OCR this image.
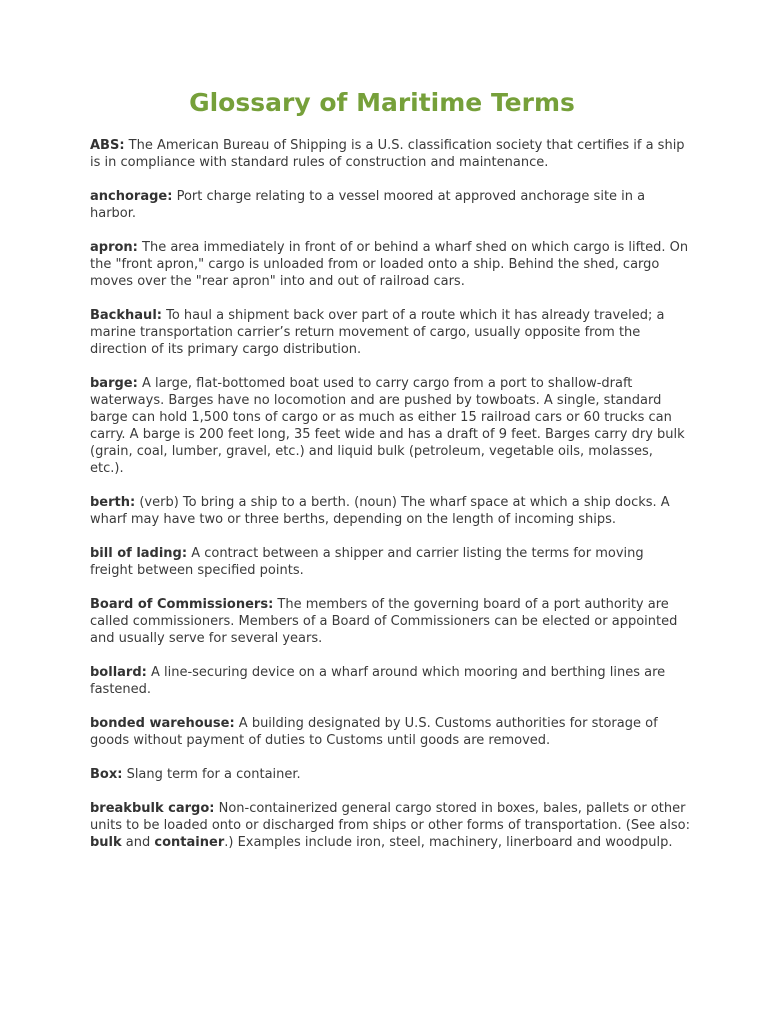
Glossary of Maritime Terms

ABS: The American Bureau of Shipping is a U.S. classification society that certifies if a ship is in compliance with standard rules of construction and maintenance.

anchorage: Port charge relating to a vessel moored at approved anchorage site in a harbor.

apron: The area immediately in front of or behind a wharf shed on which cargo is lifted. On the "front apron," cargo is unloaded from or loaded onto a ship. Behind the shed, cargo moves over the "rear apron" into and out of railroad cars.

Backhaul: To haul a shipment back over part of a route which it has already traveled; a marine transportation carrier’s return movement of cargo, usually opposite from the direction of its primary cargo distribution.

barge: A large, flat-bottomed boat used to carry cargo from a port to shallow-draft waterways. Barges have no locomotion and are pushed by towboats. A single, standard barge can hold 1,500 tons of cargo or as much as either 15 railroad cars or 60 trucks can carry. A barge is 200 feet long, 35 feet wide and has a draft of 9 feet. Barges carry dry bulk (grain, coal, lumber, gravel, etc.) and liquid bulk (petroleum, vegetable oils, molasses, etc.).

berth: (verb) To bring a ship to a berth. (noun) The wharf space at which a ship docks. A wharf may have two or three berths, depending on the length of incoming ships.

bill of lading: A contract between a shipper and carrier listing the terms for moving freight between specified points.

Board of Commissioners: The members of the governing board of a port authority are called commissioners. Members of a Board of Commissioners can be elected or appointed and usually serve for several years.

bollard: A line-securing device on a wharf around which mooring and berthing lines are fastened.

bonded warehouse: A building designated by U.S. Customs authorities for storage of goods without payment of duties to Customs until goods are removed.

Box: Slang term for a container.

breakbulk cargo: Non-containerized general cargo stored in boxes, bales, pallets or other units to be loaded onto or discharged from ships or other forms of transportation. (See also: bulk and container.) Examples include iron, steel, machinery, linerboard and woodpulp.
